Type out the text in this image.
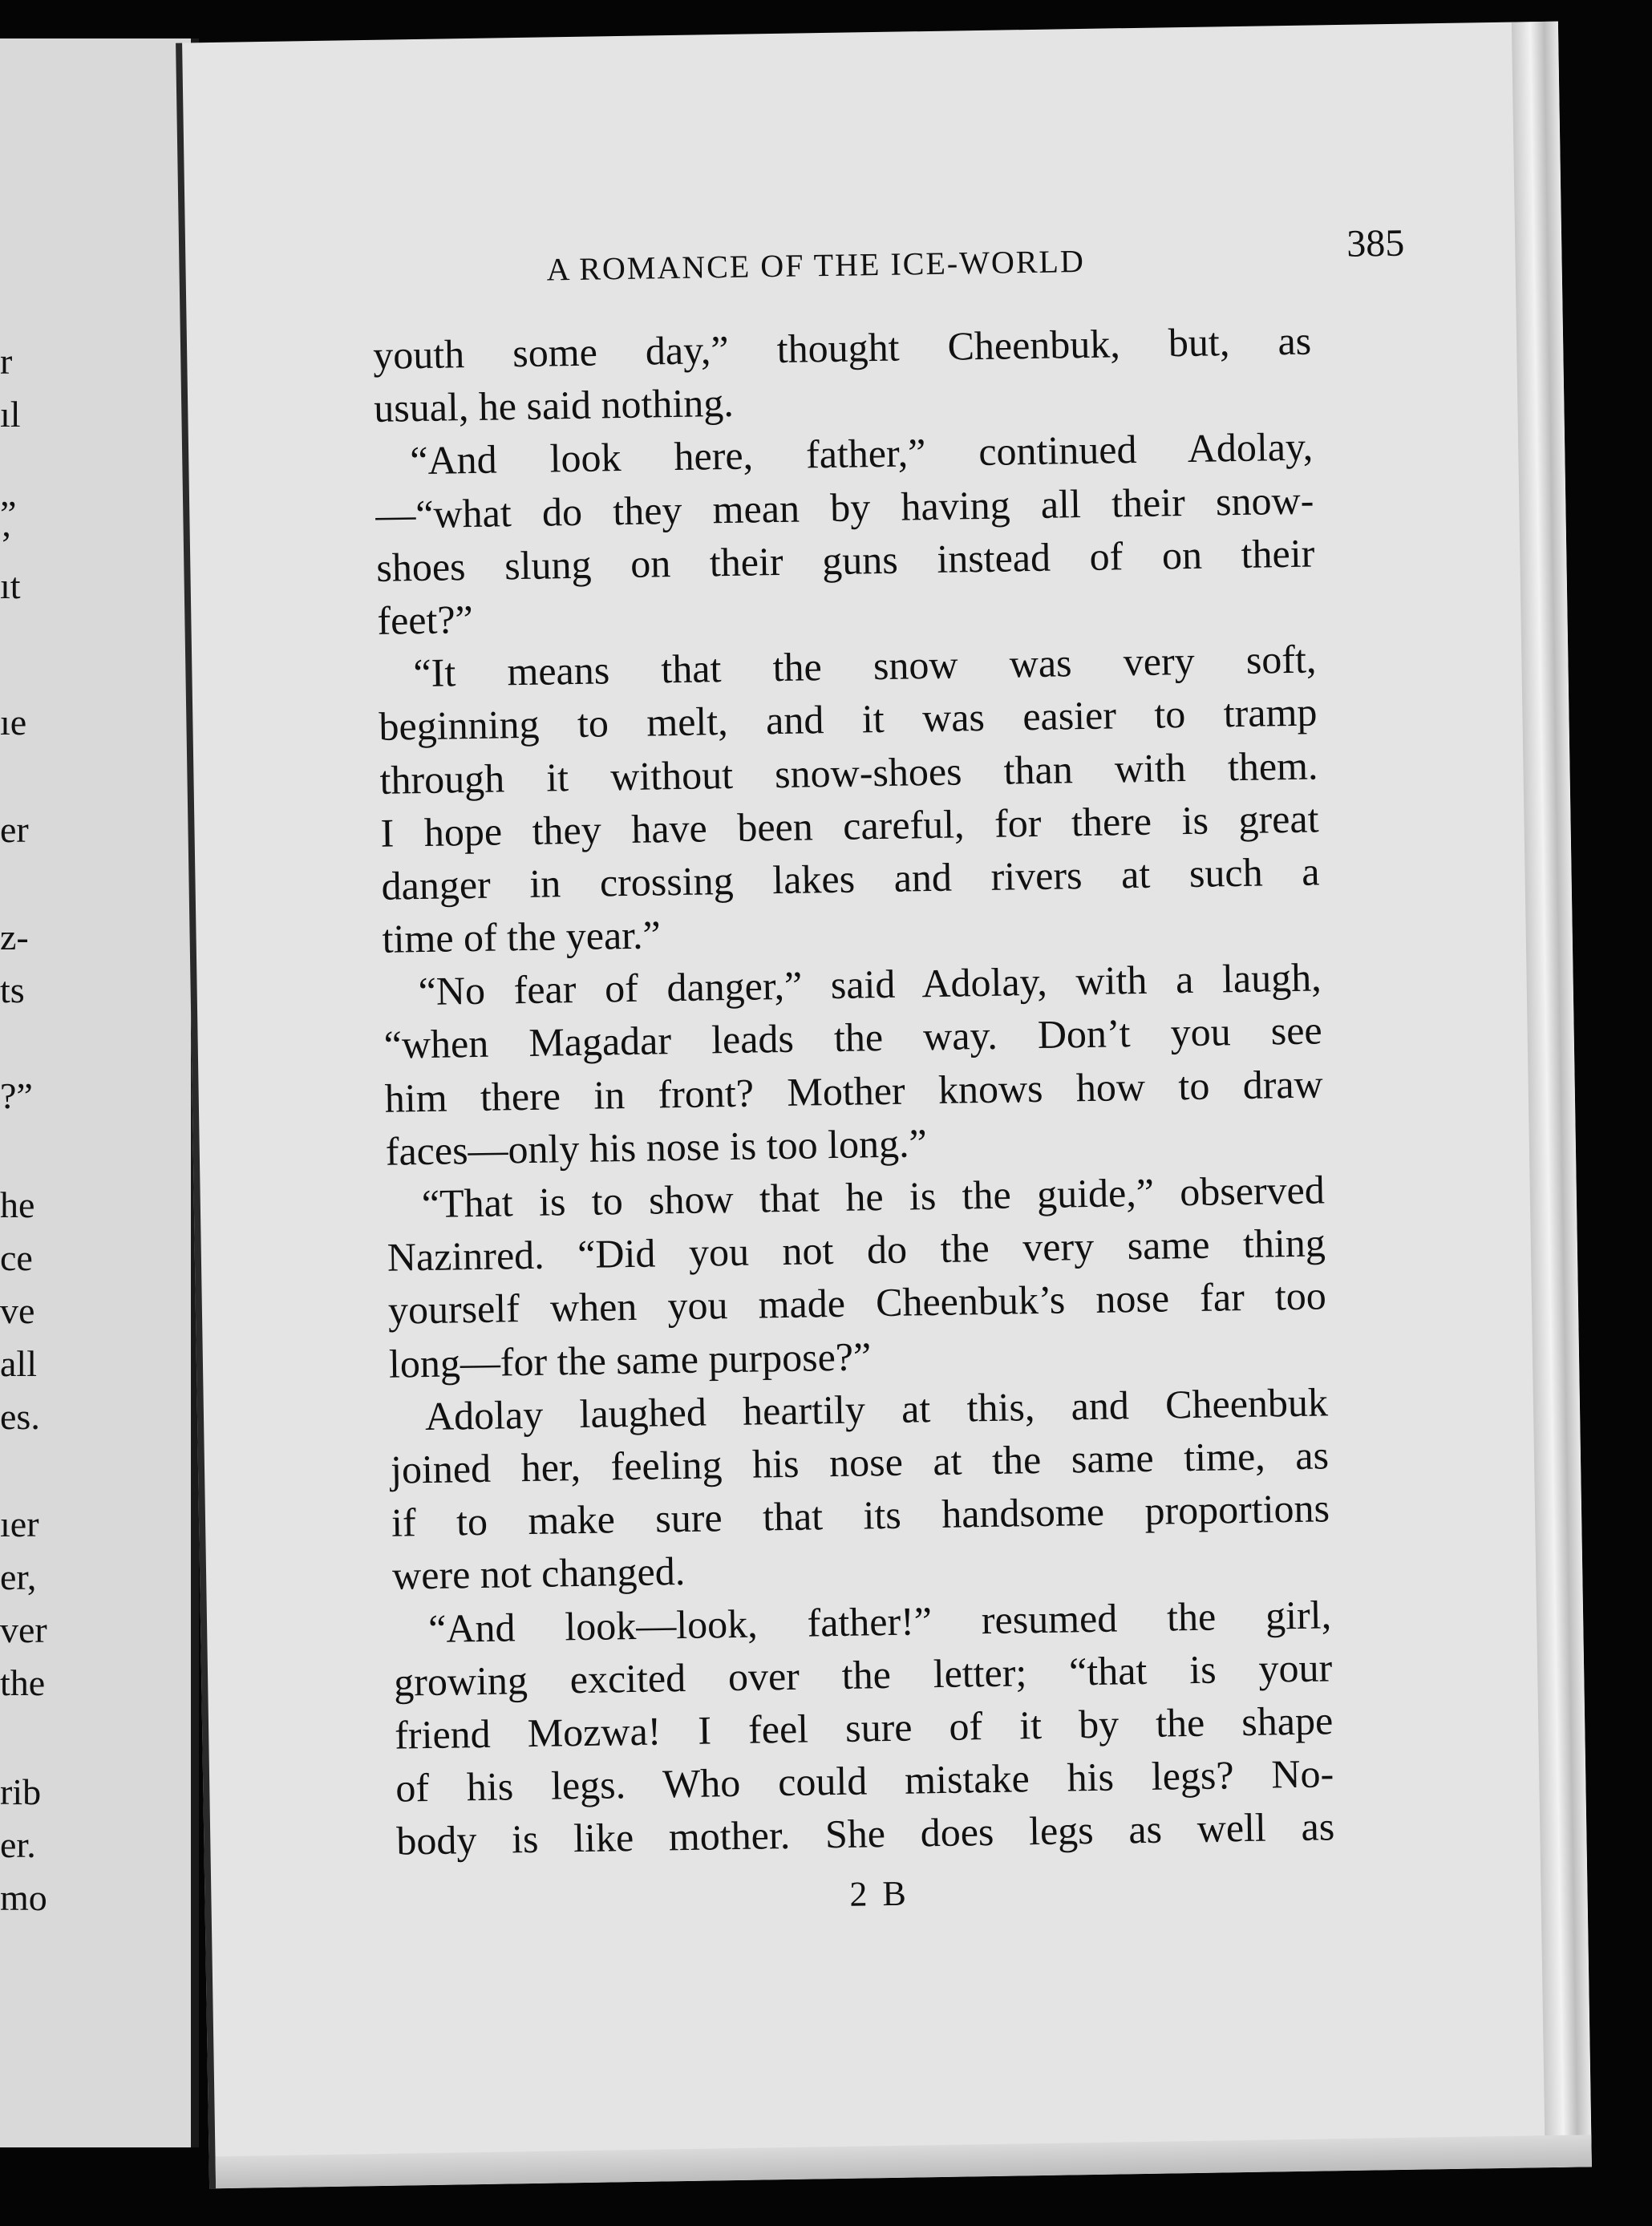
r
ıl
”
’
ıt
ıe
er
z-
ts
?”
he
ce
ve
all
es.
ıer
er,
ver
the
rib
er.
mo
A ROMANCE OF THE ICE-WORLD	385
youth some day,” thought Cheenbuk, but, as
usual, he said nothing.
“And look here, father,” continued Adolay,
—“what do they mean by having all their snow-
shoes slung on their guns instead of on their
feet?”
“It means that the snow was very soft,
beginning to melt, and it was easier to tramp
through it without snow-shoes than with them.
I hope they have been careful, for there is great
danger in crossing lakes and rivers at such a
time of the year.”
“No fear of danger,” said Adolay, with a laugh,
“when Magadar leads the way. Don’t you see
him there in front? Mother knows how to draw
faces—only his nose is too long.”
“That is to show that he is the guide,” observed
Nazinred. “Did you not do the very same thing
yourself when you made Cheenbuk’s nose far too
long—for the same purpose?”
Adolay laughed heartily at this, and Cheenbuk
joined her, feeling his nose at the same time, as
if to make sure that its handsome proportions
were not changed.
“And look—look, father!” resumed the girl,
growing excited over the letter; “that is your
friend Mozwa! I feel sure of it by the shape
of his legs. Who could mistake his legs? No-
body is like mother. She does legs as well as
2 B
